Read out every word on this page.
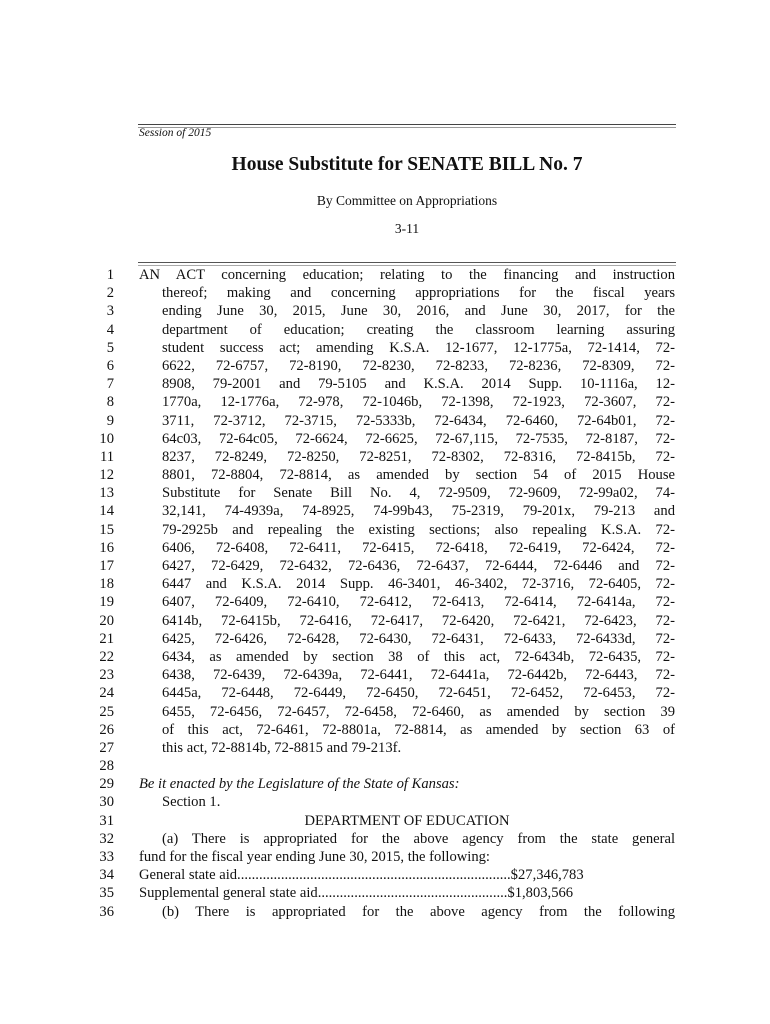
Session of 2015
House Substitute for SENATE BILL No. 7
By Committee on Appropriations
3-11
1 AN ACT concerning education; relating to the financing and instruction
2	thereof; making and concerning appropriations for the fiscal years
3	ending June 30, 2015, June 30, 2016, and June 30, 2017, for the
4	department of education; creating the classroom learning assuring
5	student success act; amending K.S.A. 12-1677, 12-1775a, 72-1414, 72-
6	6622, 72-6757, 72-8190, 72-8230, 72-8233, 72-8236, 72-8309, 72-
7	8908, 79-2001 and 79-5105 and K.S.A. 2014 Supp. 10-1116a, 12-
8	1770a, 12-1776a, 72-978, 72-1046b, 72-1398, 72-1923, 72-3607, 72-
9	3711, 72-3712, 72-3715, 72-5333b, 72-6434, 72-6460, 72-64b01, 72-
10	64c03, 72-64c05, 72-6624, 72-6625, 72-67,115, 72-7535, 72-8187, 72-
11	8237, 72-8249, 72-8250, 72-8251, 72-8302, 72-8316, 72-8415b, 72-
12	8801, 72-8804, 72-8814, as amended by section 54 of 2015 House
13	Substitute for Senate Bill No. 4, 72-9509, 72-9609, 72-99a02, 74-
14	32,141, 74-4939a, 74-8925, 74-99b43, 75-2319, 79-201x, 79-213 and
15	79-2925b and repealing the existing sections; also repealing K.S.A. 72-
16	6406, 72-6408, 72-6411, 72-6415, 72-6418, 72-6419, 72-6424, 72-
17	6427, 72-6429, 72-6432, 72-6436, 72-6437, 72-6444, 72-6446 and 72-
18	6447 and K.S.A. 2014 Supp. 46-3401, 46-3402, 72-3716, 72-6405, 72-
19	6407, 72-6409, 72-6410, 72-6412, 72-6413, 72-6414, 72-6414a, 72-
20	6414b, 72-6415b, 72-6416, 72-6417, 72-6420, 72-6421, 72-6423, 72-
21	6425, 72-6426, 72-6428, 72-6430, 72-6431, 72-6433, 72-6433d, 72-
22	6434, as amended by section 38 of this act, 72-6434b, 72-6435, 72-
23	6438, 72-6439, 72-6439a, 72-6441, 72-6441a, 72-6442b, 72-6443, 72-
24	6445a, 72-6448, 72-6449, 72-6450, 72-6451, 72-6452, 72-6453, 72-
25	6455, 72-6456, 72-6457, 72-6458, 72-6460, as amended by section 39
26	of this act, 72-6461, 72-8801a, 72-8814, as amended by section 63 of
27	this act, 72-8814b, 72-8815 and 79-213f.
28
29 Be it enacted by the Legislature of the State of Kansas:
30	Section 1.
31	DEPARTMENT OF EDUCATION
32	(a) There is appropriated for the above agency from the state general
33 fund for the fiscal year ending June 30, 2015, the following:
34 General state aid...........................................................................$27,346,783
35 Supplemental general state aid....................................................$1,803,566
36	(b) There is appropriated for the above agency from the following
